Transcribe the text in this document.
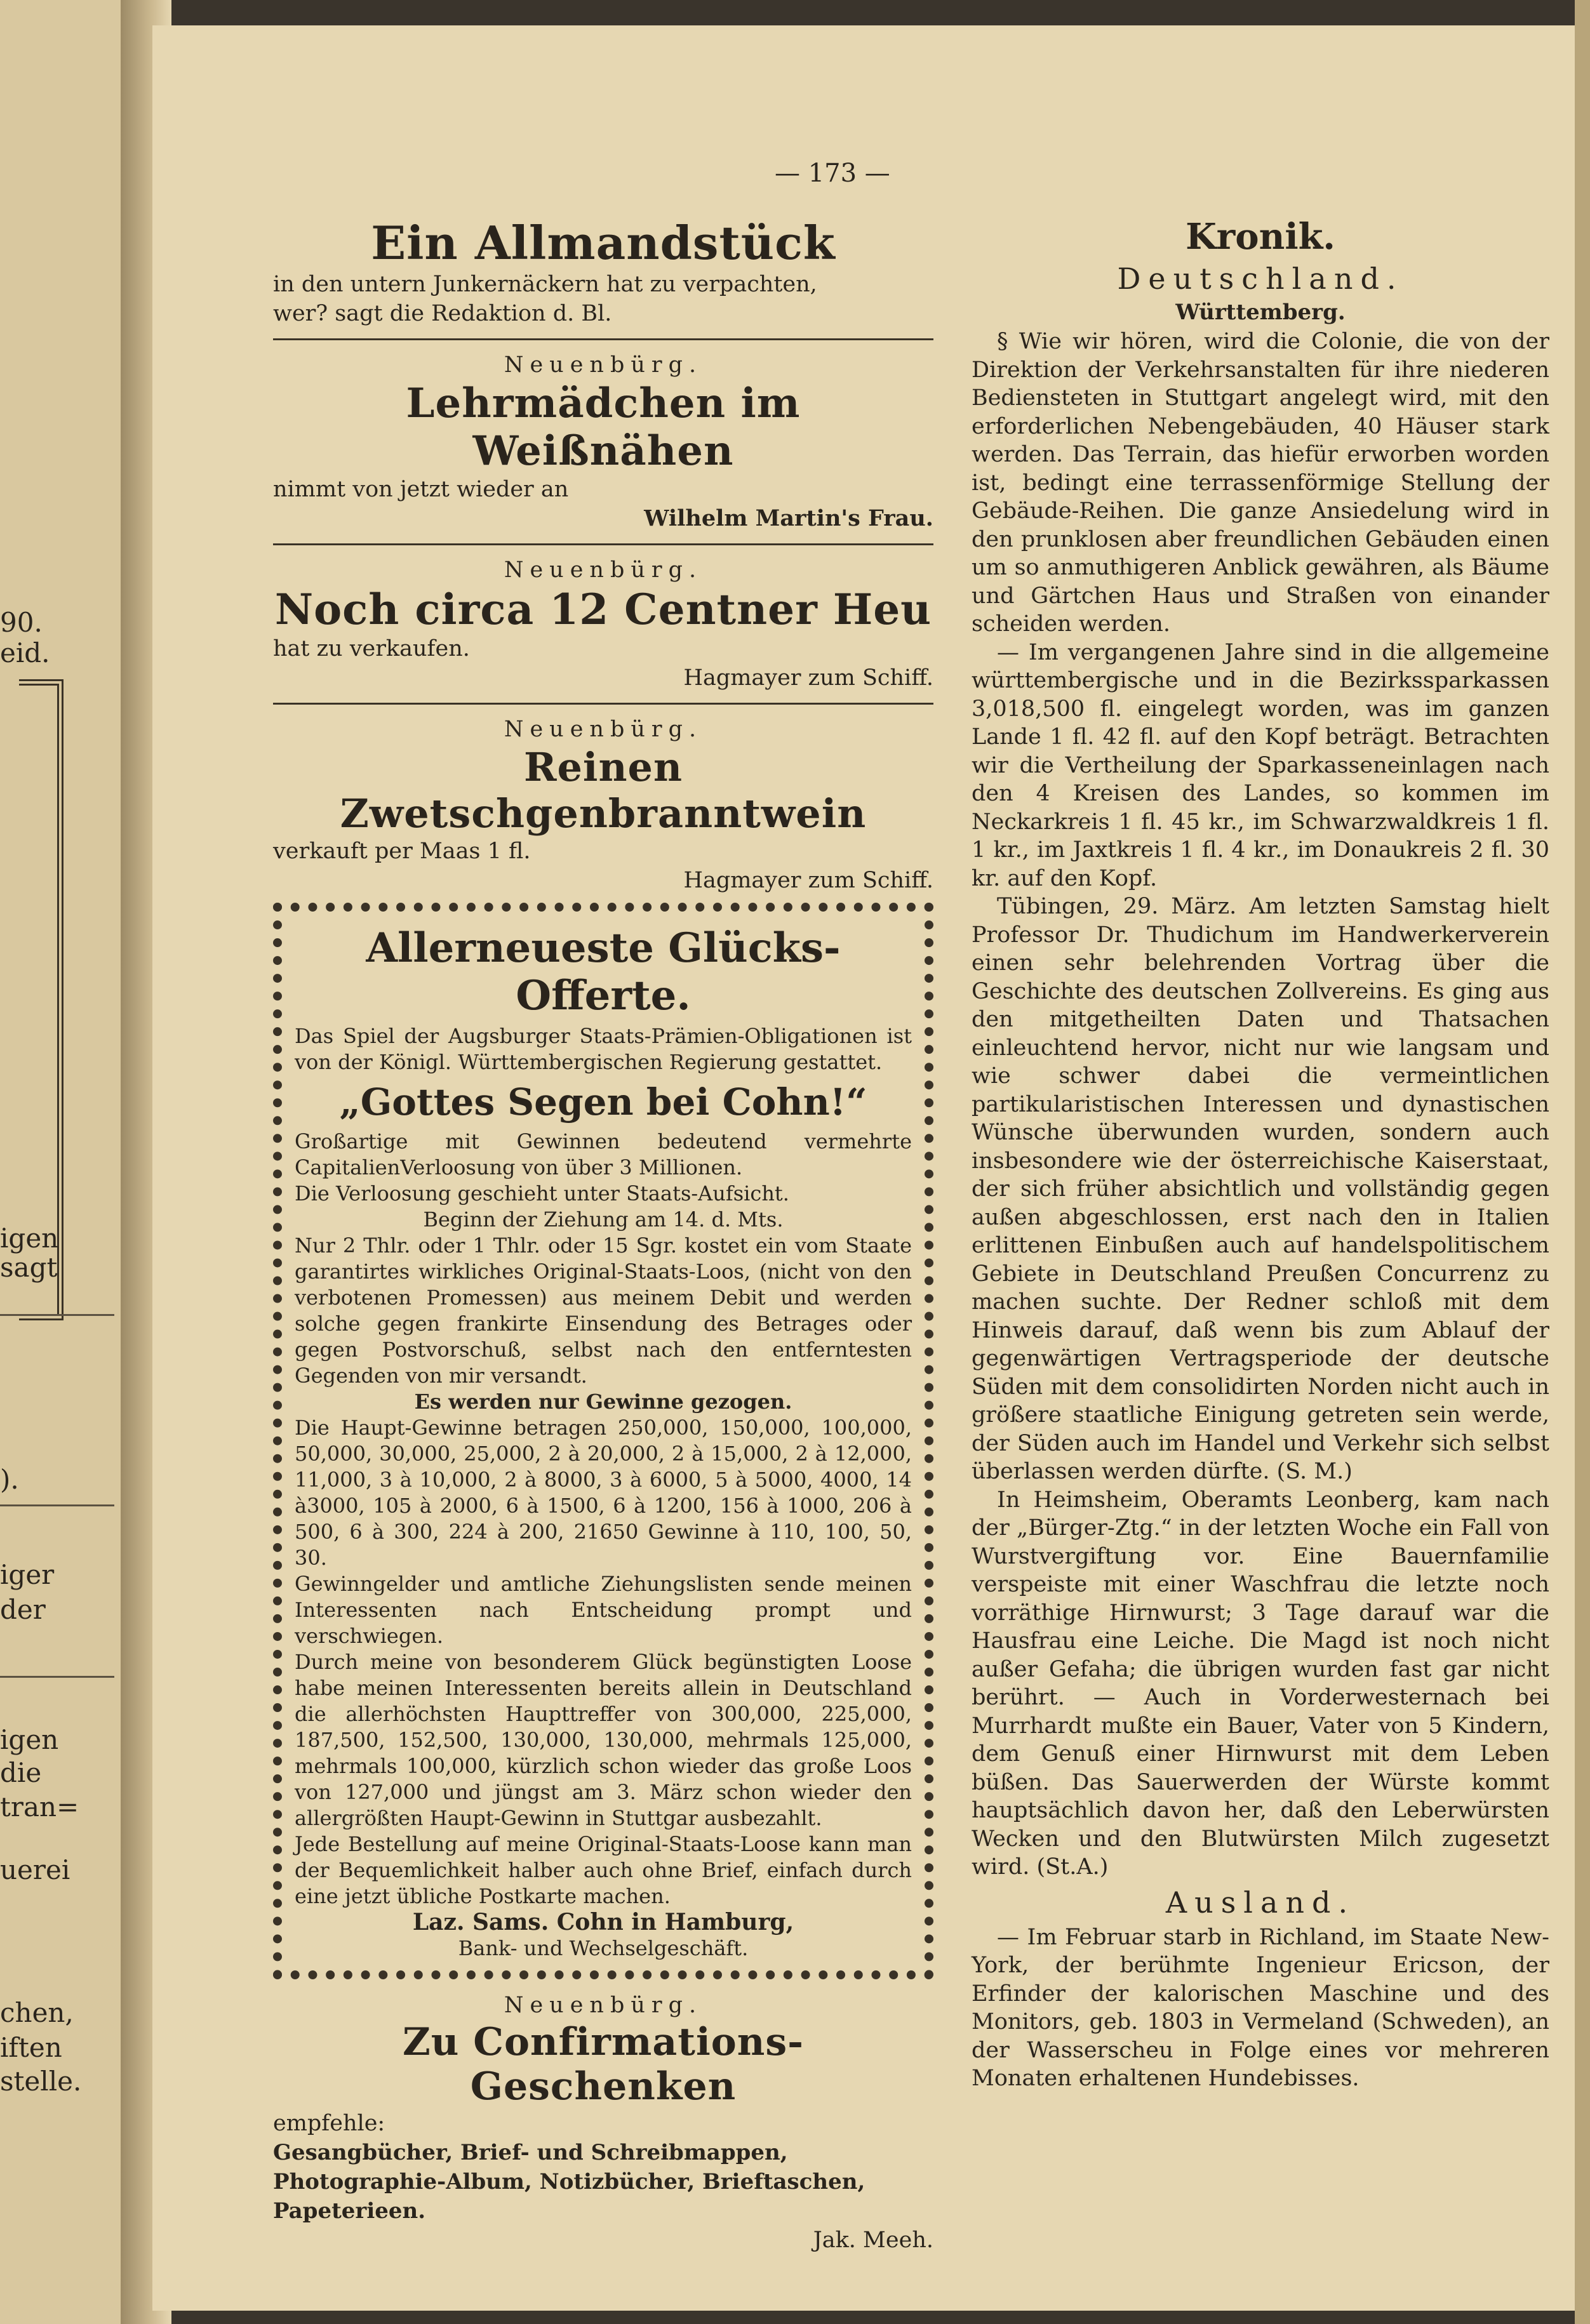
90.
eid.
igen
sagt
).
iger
der
igen
die
tran=
uerei
chen,
iften
stelle.
— 173 —
Ein Allmandstück
in den untern Junkernäckern hat zu verpachten,
wer? sagt die Redaktion d. Bl.
Neuenbürg.
Lehrmädchen im Weißnähen
nimmt von jetzt wieder an
Wilhelm Martin's Frau.
Neuenbürg.
Noch circa 12 Centner Heu
hat zu verkaufen.
Hagmayer zum Schiff.
Neuenbürg.
Reinen Zwetschgenbranntwein
verkauft per Maas 1 fl.
Hagmayer zum Schiff.
Allerneueste Glücks-Offerte.

Das Spiel der Augsburger Staats-Prämien-Obligationen ist von der Königl. Württembergischen Regierung gestattet.

„Gottes Segen bei Cohn!“

Großartige mit Gewinnen bedeutend vermehrte CapitalienVerloosung von über 3 Millionen.

Die Verloosung geschieht unter Staats-Aufsicht.

Beginn der Ziehung am 14. d. Mts.

Nur 2 Thlr. oder 1 Thlr. oder 15 Sgr. kostet ein vom Staate garantirtes wirkliches Original-Staats-Loos, (nicht von den verbotenen Promessen) aus meinem Debit und werden solche gegen frankirte Einsendung des Betrages oder gegen Postvorschuß, selbst nach den entferntesten Gegenden von mir versandt.

Es werden nur Gewinne gezogen.

Die Haupt-Gewinne betragen 250,000, 150,000, 100,000, 50,000, 30,000, 25,000, 2 à 20,000, 2 à 15,000, 2 à 12,000, 11,000, 3 à 10,000, 2 à 8000, 3 à 6000, 5 à 5000, 4000, 14 à3000, 105 à 2000, 6 à 1500, 6 à 1200, 156 à 1000, 206 à 500, 6 à 300, 224 à 200, 21650 Gewinne à 110, 100, 50, 30.

Gewinngelder und amtliche Ziehungslisten sende meinen Interessenten nach Entscheidung prompt und verschwiegen.

Durch meine von besonderem Glück begünstigten Loose habe meinen Interessenten bereits allein in Deutschland die allerhöchsten Haupttreffer von 300,000, 225,000, 187,500, 152,500, 130,000, 130,000, mehrmals 125,000, mehrmals 100,000, kürzlich schon wieder das große Loos von 127,000 und jüngst am 3. März schon wieder den allergrößten Haupt-Gewinn in Stuttgar ausbezahlt.

Jede Bestellung auf meine Original-Staats-Loose kann man der Bequemlichkeit halber auch ohne Brief, einfach durch eine jetzt übliche Postkarte machen.

Laz. Sams. Cohn in Hamburg,

Bank- und Wechselgeschäft.

Neuenbürg.
Zu Confirmations-Geschenken
empfehle:
Gesangbücher, Brief- und Schreibmappen, Photographie-Album, Notizbücher, Brieftaschen, Papeterieen.
Jak. Meeh.
Kronik.
Deutschland.
Württemberg.

§ Wie wir hören, wird die Colonie, die von der Direktion der Verkehrsanstalten für ihre niederen Bediensteten in Stuttgart angelegt wird, mit den erforderlichen Nebengebäuden, 40 Häuser stark werden. Das Terrain, das hiefür erworben worden ist, bedingt eine terrassenförmige Stellung der Gebäude-Reihen. Die ganze Ansiedelung wird in den prunklosen aber freundlichen Gebäuden einen um so anmuthigeren Anblick gewähren, als Bäume und Gärtchen Haus und Straßen von einander scheiden werden.

— Im vergangenen Jahre sind in die allgemeine württembergische und in die Bezirkssparkassen 3,018,500 fl. eingelegt worden, was im ganzen Lande 1 fl. 42 fl. auf den Kopf beträgt. Betrachten wir die Vertheilung der Sparkasseneinlagen nach den 4 Kreisen des Landes, so kommen im Neckarkreis 1 fl. 45 kr., im Schwarzwaldkreis 1 fl. 1 kr., im Jaxtkreis 1 fl. 4 kr., im Donaukreis 2 fl. 30 kr. auf den Kopf.

Tübingen, 29. März. Am letzten Samstag hielt Professor Dr. Thudichum im Handwerkerverein einen sehr belehrenden Vortrag über die Geschichte des deutschen Zollvereins. Es ging aus den mitgetheilten Daten und Thatsachen einleuchtend hervor, nicht nur wie langsam und wie schwer dabei die vermeintlichen partikularistischen Interessen und dynastischen Wünsche überwunden wurden, sondern auch insbesondere wie der österreichische Kaiserstaat, der sich früher absichtlich und vollständig gegen außen abgeschlossen, erst nach den in Italien erlittenen Einbußen auch auf handelspolitischem Gebiete in Deutschland Preußen Concurrenz zu machen suchte. Der Redner schloß mit dem Hinweis darauf, daß wenn bis zum Ablauf der gegenwärtigen Vertragsperiode der deutsche Süden mit dem consolidirten Norden nicht auch in größere staatliche Einigung getreten sein werde, der Süden auch im Handel und Verkehr sich selbst überlassen werden dürfte. (S. M.)

In Heimsheim, Oberamts Leonberg, kam nach der „Bürger-Ztg.“ in der letzten Woche ein Fall von Wurstvergiftung vor. Eine Bauernfamilie verspeiste mit einer Waschfrau die letzte noch vorräthige Hirnwurst; 3 Tage darauf war die Hausfrau eine Leiche. Die Magd ist noch nicht außer Gefaha; die übrigen wurden fast gar nicht berührt. — Auch in Vorderwesternach bei Murrhardt mußte ein Bauer, Vater von 5 Kindern, dem Genuß einer Hirnwurst mit dem Leben büßen. Das Sauerwerden der Würste kommt hauptsächlich davon her, daß den Leberwürsten Wecken und den Blutwürsten Milch zugesetzt wird. (St.A.)

Ausland.

— Im Februar starb in Richland, im Staate New-York, der berühmte Ingenieur Ericson, der Erfinder der kalorischen Maschine und des Monitors, geb. 1803 in Vermeland (Schweden), an der Wasserscheu in Folge eines vor mehreren Monaten erhaltenen Hundebisses.
